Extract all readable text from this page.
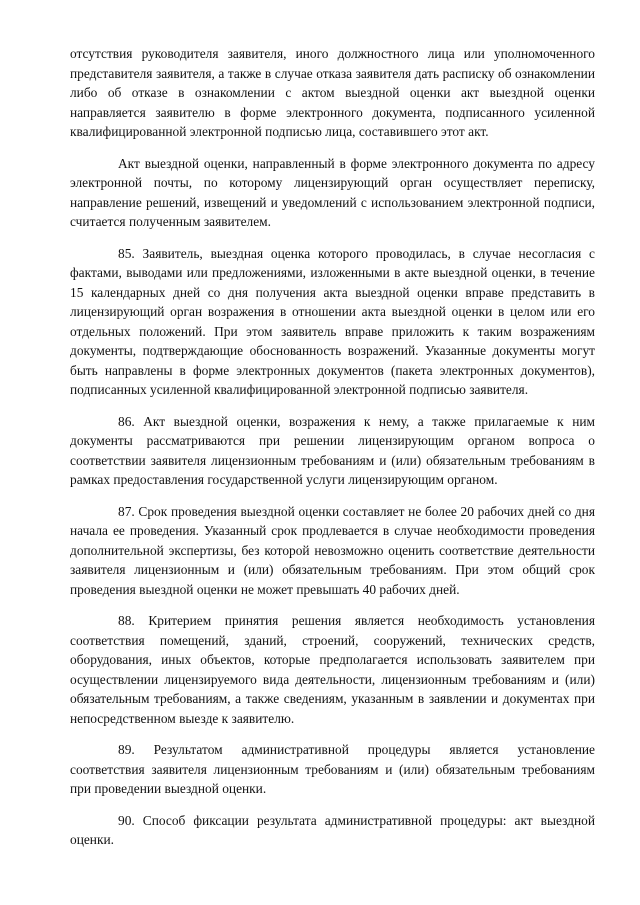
отсутствия руководителя заявителя, иного должностного лица или уполномоченного представителя заявителя, а также в случае отказа заявителя дать расписку об ознакомлении либо об отказе в ознакомлении с актом выездной оценки акт выездной оценки направляется заявителю в форме электронного документа, подписанного усиленной квалифицированной электронной подписью лица, составившего этот акт.

Акт выездной оценки, направленный в форме электронного документа по адресу электронной почты, по которому лицензирующий орган осуществляет переписку, направление решений, извещений и уведомлений с использованием электронной подписи, считается полученным заявителем.

85. Заявитель, выездная оценка которого проводилась, в случае несогласия с фактами, выводами или предложениями, изложенными в акте выездной оценки, в течение 15 календарных дней со дня получения акта выездной оценки вправе представить в лицензирующий орган возражения в отношении акта выездной оценки в целом или его отдельных положений. При этом заявитель вправе приложить к таким возражениям документы, подтверждающие обоснованность возражений. Указанные документы могут быть направлены в форме электронных документов (пакета электронных документов), подписанных усиленной квалифицированной электронной подписью заявителя.

86. Акт выездной оценки, возражения к нему, а также прилагаемые к ним документы рассматриваются при решении лицензирующим органом вопроса о соответствии заявителя лицензионным требованиям и (или) обязательным требованиям в рамках предоставления государственной услуги лицензирующим органом.

87. Срок проведения выездной оценки составляет не более 20 рабочих дней со дня начала ее проведения. Указанный срок продлевается в случае необходимости проведения дополнительной экспертизы, без которой невозможно оценить соответствие деятельности заявителя лицензионным и (или) обязательным требованиям. При этом общий срок проведения выездной оценки не может превышать 40 рабочих дней.

88. Критерием принятия решения является необходимость установления соответствия помещений, зданий, строений, сооружений, технических средств, оборудования, иных объектов, которые предполагается использовать заявителем при осуществлении лицензируемого вида деятельности, лицензионным требованиям и (или) обязательным требованиям, а также сведениям, указанным в заявлении и документах при непосредственном выезде к заявителю.

89. Результатом административной процедуры является установление соответствия заявителя лицензионным требованиям и (или) обязательным требованиям при проведении выездной оценки.

90. Способ фиксации результата административной процедуры: акт выездной оценки.
